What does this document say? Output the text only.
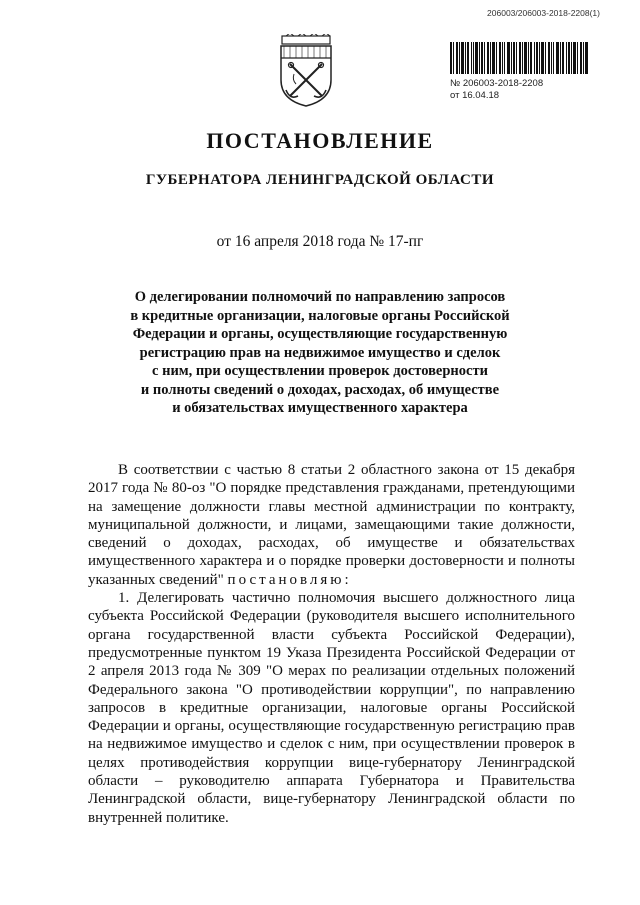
206003/206003-2018-2208(1)
№ 206003-2018-2208
от 16.04.18
ПОСТАНОВЛЕНИЕ
ГУБЕРНАТОРА ЛЕНИНГРАДСКОЙ ОБЛАСТИ
от 16 апреля 2018 года № 17-пг
О делегировании полномочий по направлению запросов
в кредитные организации, налоговые органы Российской
Федерации и органы, осуществляющие государственную
регистрацию прав на недвижимое имущество и сделок
с ним, при осуществлении проверок достоверности
и полноты сведений о доходах, расходах, об имуществе
и обязательствах имущественного характера

В соответствии с частью 8 статьи 2 областного закона от 15 декабря 2017 года № 80-оз "О порядке представления гражданами, претендующими на замещение должности главы местной администрации по контракту, муниципальной должности, и лицами, замещающими такие должности, сведений о доходах, расходах, об имуществе и обязательствах имущественного характера и о порядке проверки достоверности и полноты указанных сведений" постановляю:

1. Делегировать частично полномочия высшего должностного лица субъекта Российской Федерации (руководителя высшего исполнительного органа государственной власти субъекта Российской Федерации), предусмотренные пунктом 19 Указа Президента Российской Федерации от 2 апреля 2013 года № 309 "О мерах по реализации отдельных положений Федерального закона "О противодействии коррупции", по направлению запросов в кредитные организации, налоговые органы Российской Федерации и органы, осуществляющие государственную регистрацию прав на недвижимое имущество и сделок с ним, при осуществлении проверок в целях противодействия коррупции вице-губернатору Ленинградской области – руководителю аппарата Губернатора и Правительства Ленинградской области, вице-губернатору Ленинградской области по внутренней политике.
